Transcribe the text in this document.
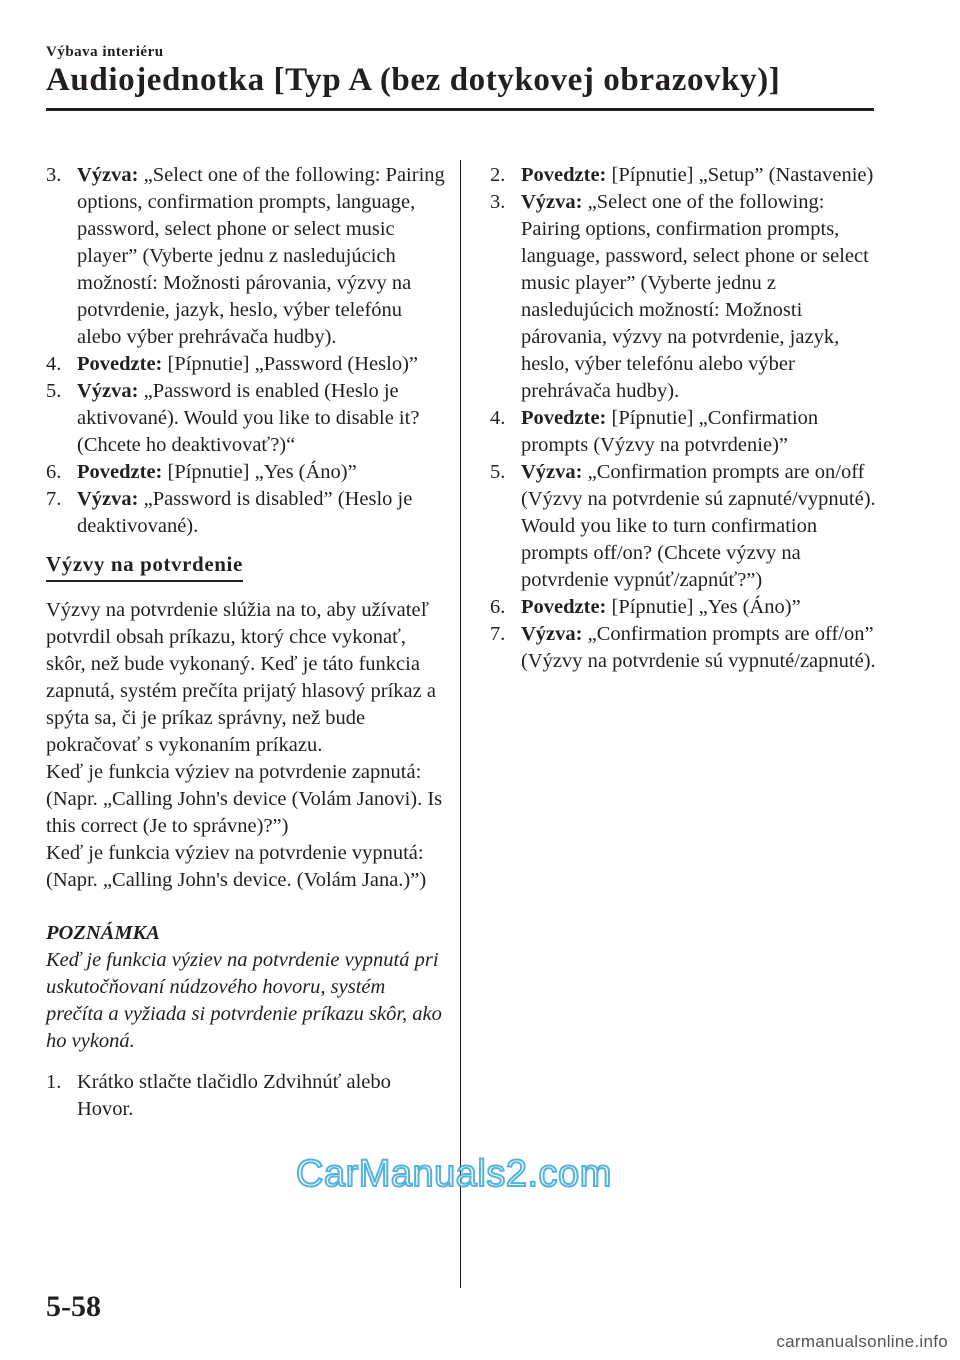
Výbava interiéru
Audiojednotka [Typ A (bez dotykovej obrazovky)]

3. Výzva: „Select one of the following: Pairing options, confirmation prompts, language, password, select phone or select music player” (Vyberte jednu z nasledujúcich možností: Možnosti párovania, výzvy na potvrdenie, jazyk, heslo, výber telefónu alebo výber prehrávača hudby).

4. Povedzte: [Pípnutie] „Password (Heslo)”

5. Výzva: „Password is enabled (Heslo je aktivované). Would you like to disable it? (Chcete ho deaktivovať?)“

6. Povedzte: [Pípnutie] „Yes (Áno)”

7. Výzva: „Password is disabled” (Heslo je deaktivované).

Výzvy na potvrdenie

Výzvy na potvrdenie slúžia na to, aby užívateľ potvrdil obsah príkazu, ktorý chce vykonať, skôr, než bude vykonaný. Keď je táto funkcia zapnutá, systém prečíta prijatý hlasový príkaz a spýta sa, či je príkaz správny, než bude pokračovať s vykonaním príkazu.

Keď je funkcia výziev na potvrdenie zapnutá:

(Napr. „Calling John's device (Volám Janovi). Is this correct (Je to správne)?”)

Keď je funkcia výziev na potvrdenie vypnutá:

(Napr. „Calling John's device. (Volám Jana.)”)

POZNÁMKA

Keď je funkcia výziev na potvrdenie vypnutá pri uskutočňovaní núdzového hovoru, systém prečíta a vyžiada si potvrdenie príkazu skôr, ako ho vykoná.

1. Krátko stlačte tlačidlo Zdvihnúť alebo Hovor.

2. Povedzte: [Pípnutie] „Setup” (Nastavenie)

3. Výzva: „Select one of the following: Pairing options, confirmation prompts, language, password, select phone or select music player” (Vyberte jednu z nasledujúcich možností: Možnosti párovania, výzvy na potvrdenie, jazyk, heslo, výber telefónu alebo výber prehrávača hudby).

4. Povedzte: [Pípnutie] „Confirmation prompts (Výzvy na potvrdenie)”

5. Výzva: „Confirmation prompts are on/off (Výzvy na potvrdenie sú zapnuté/vypnuté). Would you like to turn confirmation prompts off/on? (Chcete výzvy na potvrdenie vypnúť/zapnúť?”)

6. Povedzte: [Pípnutie] „Yes (Áno)”

7. Výzva: „Confirmation prompts are off/on” (Výzvy na potvrdenie sú vypnuté/zapnuté).

CarManuals2.com
5-58
carmanualsonline.info
